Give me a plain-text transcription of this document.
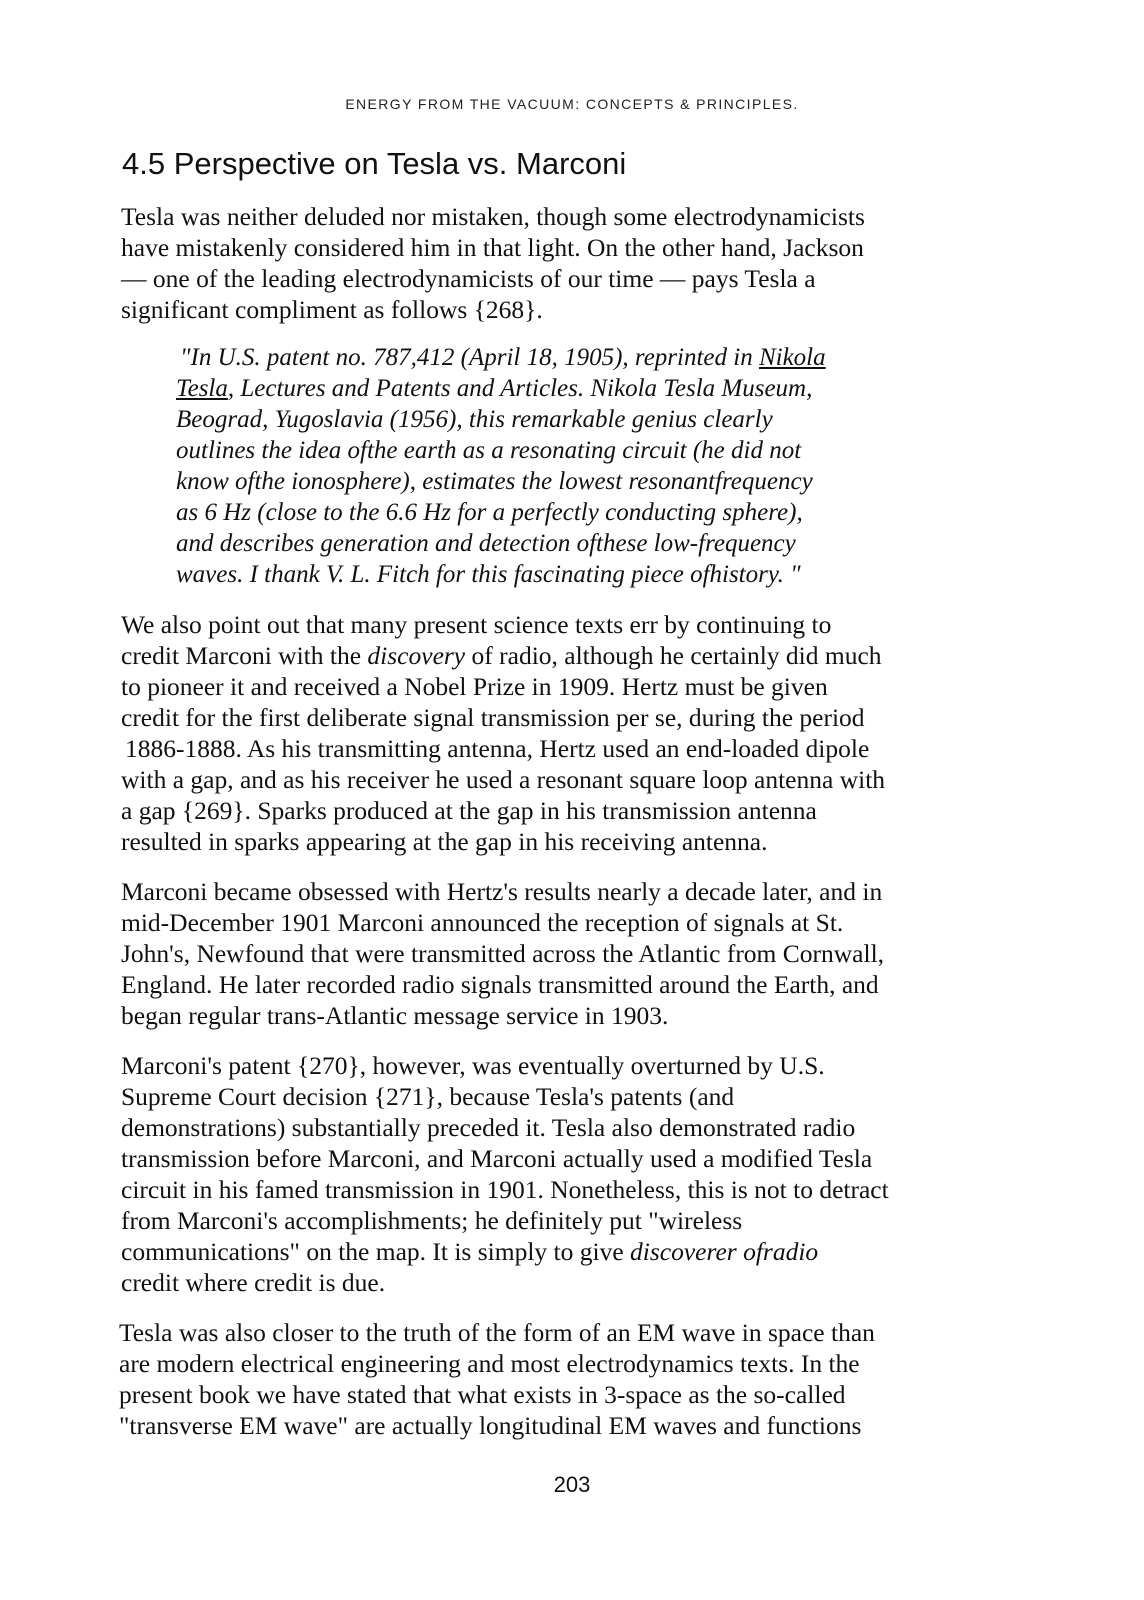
ENERGY FROM THE VACUUM: CONCEPTS & PRINCIPLES.
4.5 Perspective on Tesla vs. Marconi
Tesla was neither deluded nor mistaken, though some electrodynamicists
have mistakenly considered him in that light. On the other hand, Jackson
— one of the leading electrodynamicists of our time — pays Tesla a
significant compliment as follows {268}.
"In U.S. patent no. 787,412 (April 18, 1905), reprinted in Nikola
Tesla, Lectures and Patents and Articles. Nikola Tesla Museum,
Beograd, Yugoslavia (1956), this remarkable genius clearly
outlines the idea ofthe earth as a resonating circuit (he did not
know ofthe ionosphere), estimates the lowest resonantfrequency
as 6 Hz (close to the 6.6 Hz for a perfectly conducting sphere),
and describes generation and detection ofthese low-frequency
waves. I thank V. L. Fitch for this fascinating piece ofhistory. "
We also point out that many present science texts err by continuing to
credit Marconi with the discovery of radio, although he certainly did much
to pioneer it and received a Nobel Prize in 1909. Hertz must be given
credit for the first deliberate signal transmission per se, during the period
1886-1888. As his transmitting antenna, Hertz used an end-loaded dipole
with a gap, and as his receiver he used a resonant square loop antenna with
a gap {269}. Sparks produced at the gap in his transmission antenna
resulted in sparks appearing at the gap in his receiving antenna.
Marconi became obsessed with Hertz's results nearly a decade later, and in
mid-December 1901 Marconi announced the reception of signals at St.
John's, Newfound that were transmitted across the Atlantic from Cornwall,
England. He later recorded radio signals transmitted around the Earth, and
began regular trans-Atlantic message service in 1903.
Marconi's patent {270}, however, was eventually overturned by U.S.
Supreme Court decision {271}, because Tesla's patents (and
demonstrations) substantially preceded it. Tesla also demonstrated radio
transmission before Marconi, and Marconi actually used a modified Tesla
circuit in his famed transmission in 1901. Nonetheless, this is not to detract
from Marconi's accomplishments; he definitely put "wireless
communications" on the map. It is simply to give discoverer ofradio
credit where credit is due.
Tesla was also closer to the truth of the form of an EM wave in space than
are modern electrical engineering and most electrodynamics texts. In the
present book we have stated that what exists in 3-space as the so-called
"transverse EM wave" are actually longitudinal EM waves and functions
203
